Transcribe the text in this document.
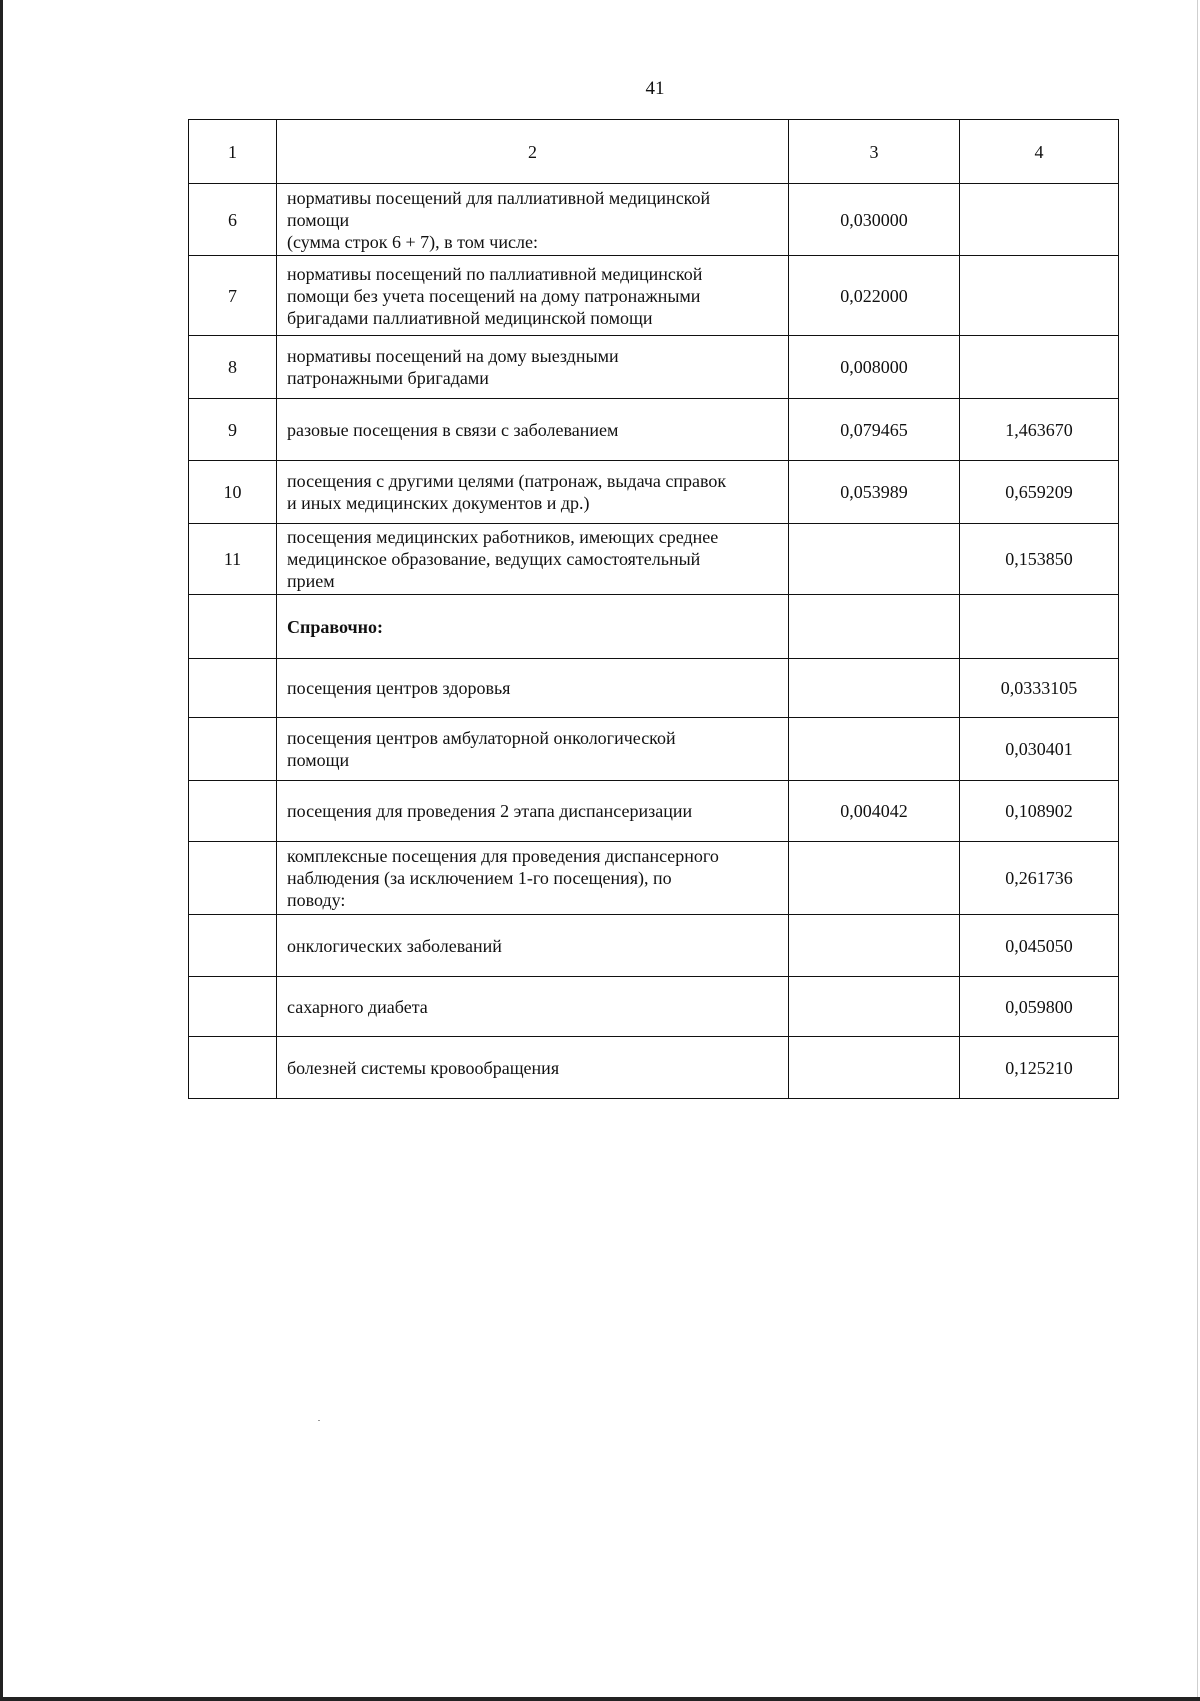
41
1	2	3	4
6	нормативы посещений для паллиативной медицинской
помощи
(сумма строк 6 + 7), в том числе:	0,030000	
7	нормативы посещений по паллиативной медицинской
помощи без учета посещений на дому патронажными
бригадами паллиативной медицинской помощи	0,022000	
8	нормативы посещений на дому выездными
патронажными бригадами	0,008000	
9	разовые посещения в связи с заболеванием	0,079465	1,463670
10	посещения с другими целями (патронаж, выдача справок
и иных медицинских документов и др.)	0,053989	0,659209
11	посещения медицинских работников, имеющих среднее
медицинское образование, ведущих самостоятельный
прием		0,153850

	Справочно:		

	посещения центров здоровья		0,0333105

	посещения центров амбулаторной онкологической
помощи		0,030401

	посещения для проведения 2 этапа диспансеризации	0,004042	0,108902

	комплексные посещения для проведения диспансерного
наблюдения (за исключением 1-го посещения), по
поводу:		0,261736

	онклогических заболеваний		0,045050

	сахарного диабета		0,059800

	болезней системы кровообращения		0,125210
